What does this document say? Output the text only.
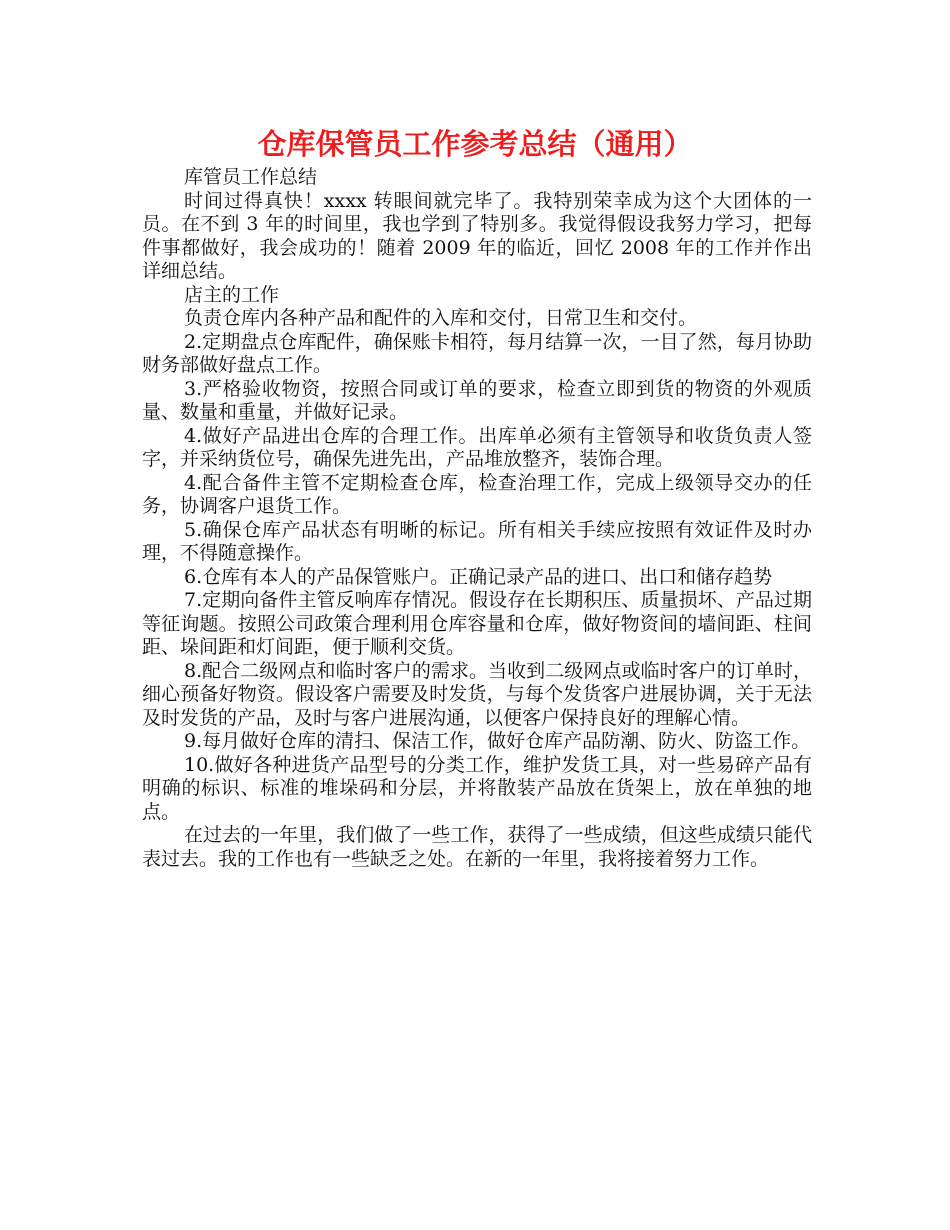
仓库保管员工作参考总结（通用）

库管员工作总结

时间过得真快！xxxx 转眼间就完毕了。我特别荣幸成为这个大团体的一员。在不到 3 年的时间里，我也学到了特别多。我觉得假设我努力学习，把每件事都做好，我会成功的！随着 2009 年的临近，回忆 2008 年的工作并作出详细总结。

店主的工作

负责仓库内各种产品和配件的入库和交付，日常卫生和交付。

2.定期盘点仓库配件，确保账卡相符，每月结算一次，一目了然，每月协助财务部做好盘点工作。

3.严格验收物资，按照合同或订单的要求，检查立即到货的物资的外观质量、数量和重量，并做好记录。

4.做好产品进出仓库的合理工作。出库单必须有主管领导和收货负责人签字，并采纳货位号，确保先进先出，产品堆放整齐，装饰合理。

4.配合备件主管不定期检查仓库，检查治理工作，完成上级领导交办的任务，协调客户退货工作。

5.确保仓库产品状态有明晰的标记。所有相关手续应按照有效证件及时办理，不得随意操作。

6.仓库有本人的产品保管账户。正确记录产品的进口、出口和储存趋势

7.定期向备件主管反响库存情况。假设存在长期积压、质量损坏、产品过期等征询题。按照公司政策合理利用仓库容量和仓库，做好物资间的墙间距、柱间距、垛间距和灯间距，便于顺利交货。

8.配合二级网点和临时客户的需求。当收到二级网点或临时客户的订单时，细心预备好物资。假设客户需要及时发货，与每个发货客户进展协调，关于无法及时发货的产品，及时与客户进展沟通，以便客户保持良好的理解心情。

9.每月做好仓库的清扫、保洁工作，做好仓库产品防潮、防火、防盗工作。

10.做好各种进货产品型号的分类工作，维护发货工具，对一些易碎产品有明确的标识、标准的堆垛码和分层，并将散装产品放在货架上，放在单独的地点。

在过去的一年里，我们做了一些工作，获得了一些成绩，但这些成绩只能代表过去。我的工作也有一些缺乏之处。在新的一年里，我将接着努力工作。
